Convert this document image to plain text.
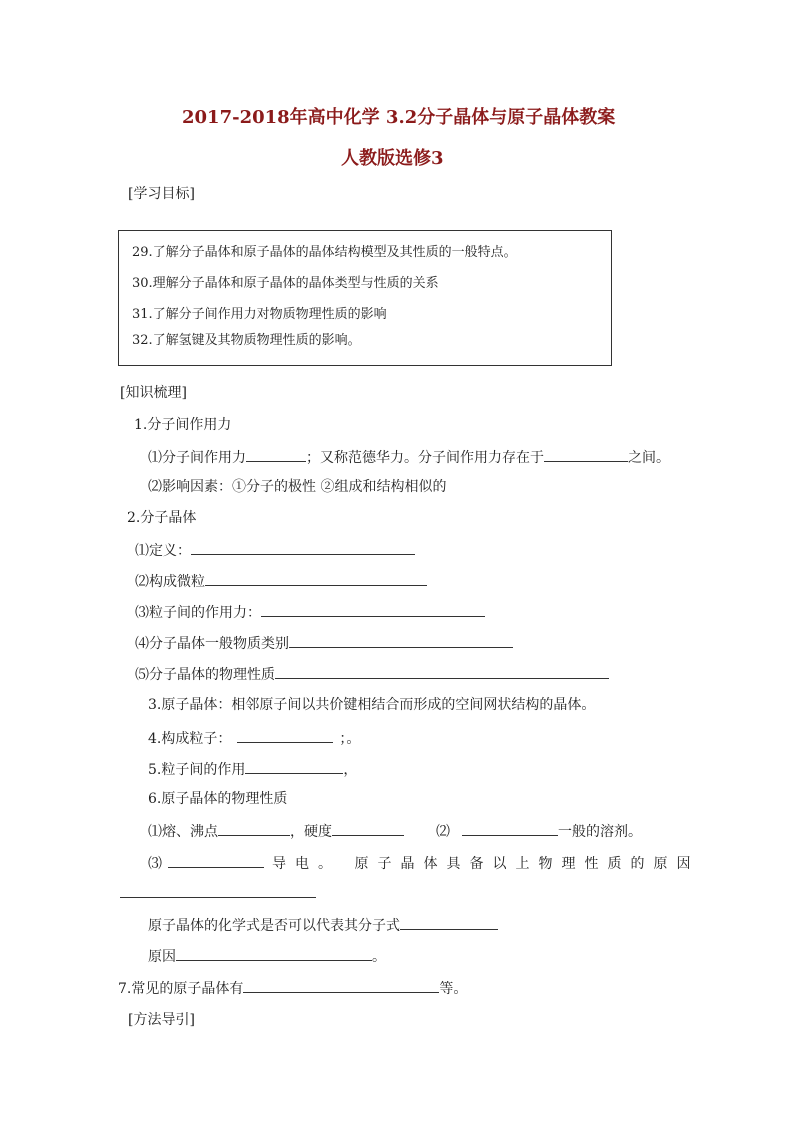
2017-2018年高中化学 3.2分子晶体与原子晶体教案
人教版选修3
[学习目标]
29.了解分子晶体和原子晶体的晶体结构模型及其性质的一般特点。
30.理解分子晶体和原子晶体的晶体类型与性质的关系
31.了解分子间作用力对物质物理性质的影响
32.了解氢键及其物质物理性质的影响。
[知识梳理]
1.分子间作用力
⑴分子间作用力	；又称范德华力。分子间作用力存在于	之间。
⑵影响因素：①分子的极性 ②组成和结构相似的
2.分子晶体
⑴定义：
⑵构成微粒
⑶粒子间的作用力：
⑷分子晶体一般物质类别
⑸分子晶体的物理性质
3.原子晶体：相邻原子间以共价键相结合而形成的空间网状结构的晶体。
4.构成粒子：	；。
5.粒子间的作用	，
6.原子晶体的物理性质
⑴熔、沸点	，硬度	⑵	一般的溶剂。
⑶	导电。 原子晶体具备以上物理性质的原因
原子晶体的化学式是否可以代表其分子式
原因	。
7.常见的原子晶体有	等。
[方法导引]
